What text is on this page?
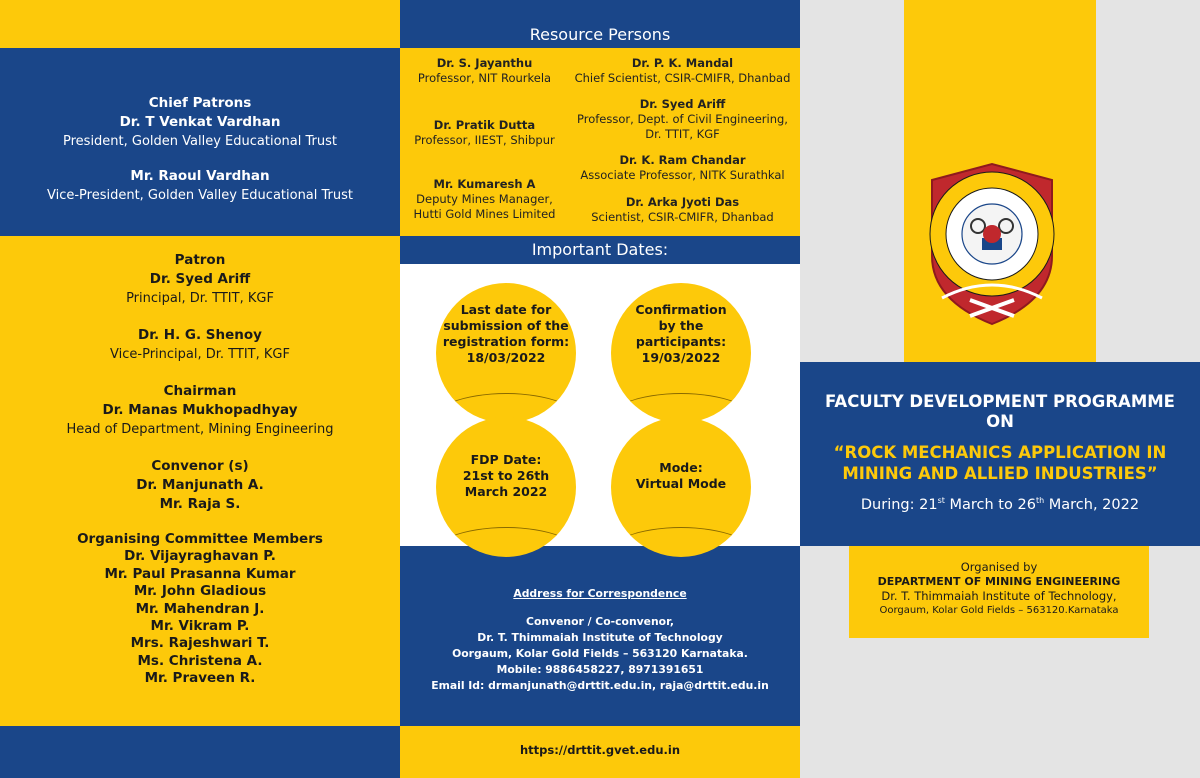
Chief Patrons
Dr. T Venkat Vardhan
President, Golden Valley Educational Trust
Mr. Raoul Vardhan
Vice-President, Golden Valley Educational Trust
Patron
Dr. Syed Ariff
Principal, Dr. TTIT, KGF
Dr. H. G. Shenoy
Vice-Principal, Dr. TTIT, KGF
Chairman
Dr. Manas Mukhopadhyay
Head of Department, Mining Engineering
Convenor (s)
Dr. Manjunath A.
Mr. Raja S.
Organising Committee Members
Dr. Vijayraghavan P.
Mr. Paul Prasanna Kumar
Mr. John Gladious
Mr. Mahendran J.
Mr. Vikram P.
Mrs. Rajeshwari T.
Ms. Christena A.
Mr. Praveen R.
Resource Persons
Dr. S. Jayanthu
Professor, NIT Rourkela
Dr. Pratik Dutta
Professor, IIEST, Shibpur
Mr. Kumaresh A
Deputy Mines Manager,
Hutti Gold Mines Limited
Dr. P. K. Mandal
Chief Scientist, CSIR-CMIFR, Dhanbad
Dr. Syed Ariff
Professor, Dept. of Civil Engineering,
Dr. TTIT, KGF
Dr. K. Ram Chandar
Associate Professor, NITK Surathkal
Dr. Arka Jyoti Das
Scientist, CSIR-CMIFR, Dhanbad
Important Dates:
Last date for
submission of the
registration form:
18/03/2022
Confirmation
by the
participants:
19/03/2022
FDP Date:
21st to 26th
March 2022
Mode:
Virtual Mode
Address for Correspondence
Convenor / Co-convenor,
Dr. T. Thimmaiah Institute of Technology
Oorgaum, Kolar Gold Fields – 563120 Karnataka.
Mobile: 9886458227, 8971391651
Email Id: drmanjunath@drttit.edu.in, raja@drttit.edu.in
https://drttit.gvet.edu.in
FACULTY DEVELOPMENT PROGRAMME
ON
“ROCK MECHANICS APPLICATION IN
MINING AND ALLIED INDUSTRIES”
During: 21st March to 26th March, 2022
Organised by
DEPARTMENT OF MINING ENGINEERING
Dr. T. Thimmaiah Institute of Technology,
Oorgaum, Kolar Gold Fields – 563120.Karnataka
